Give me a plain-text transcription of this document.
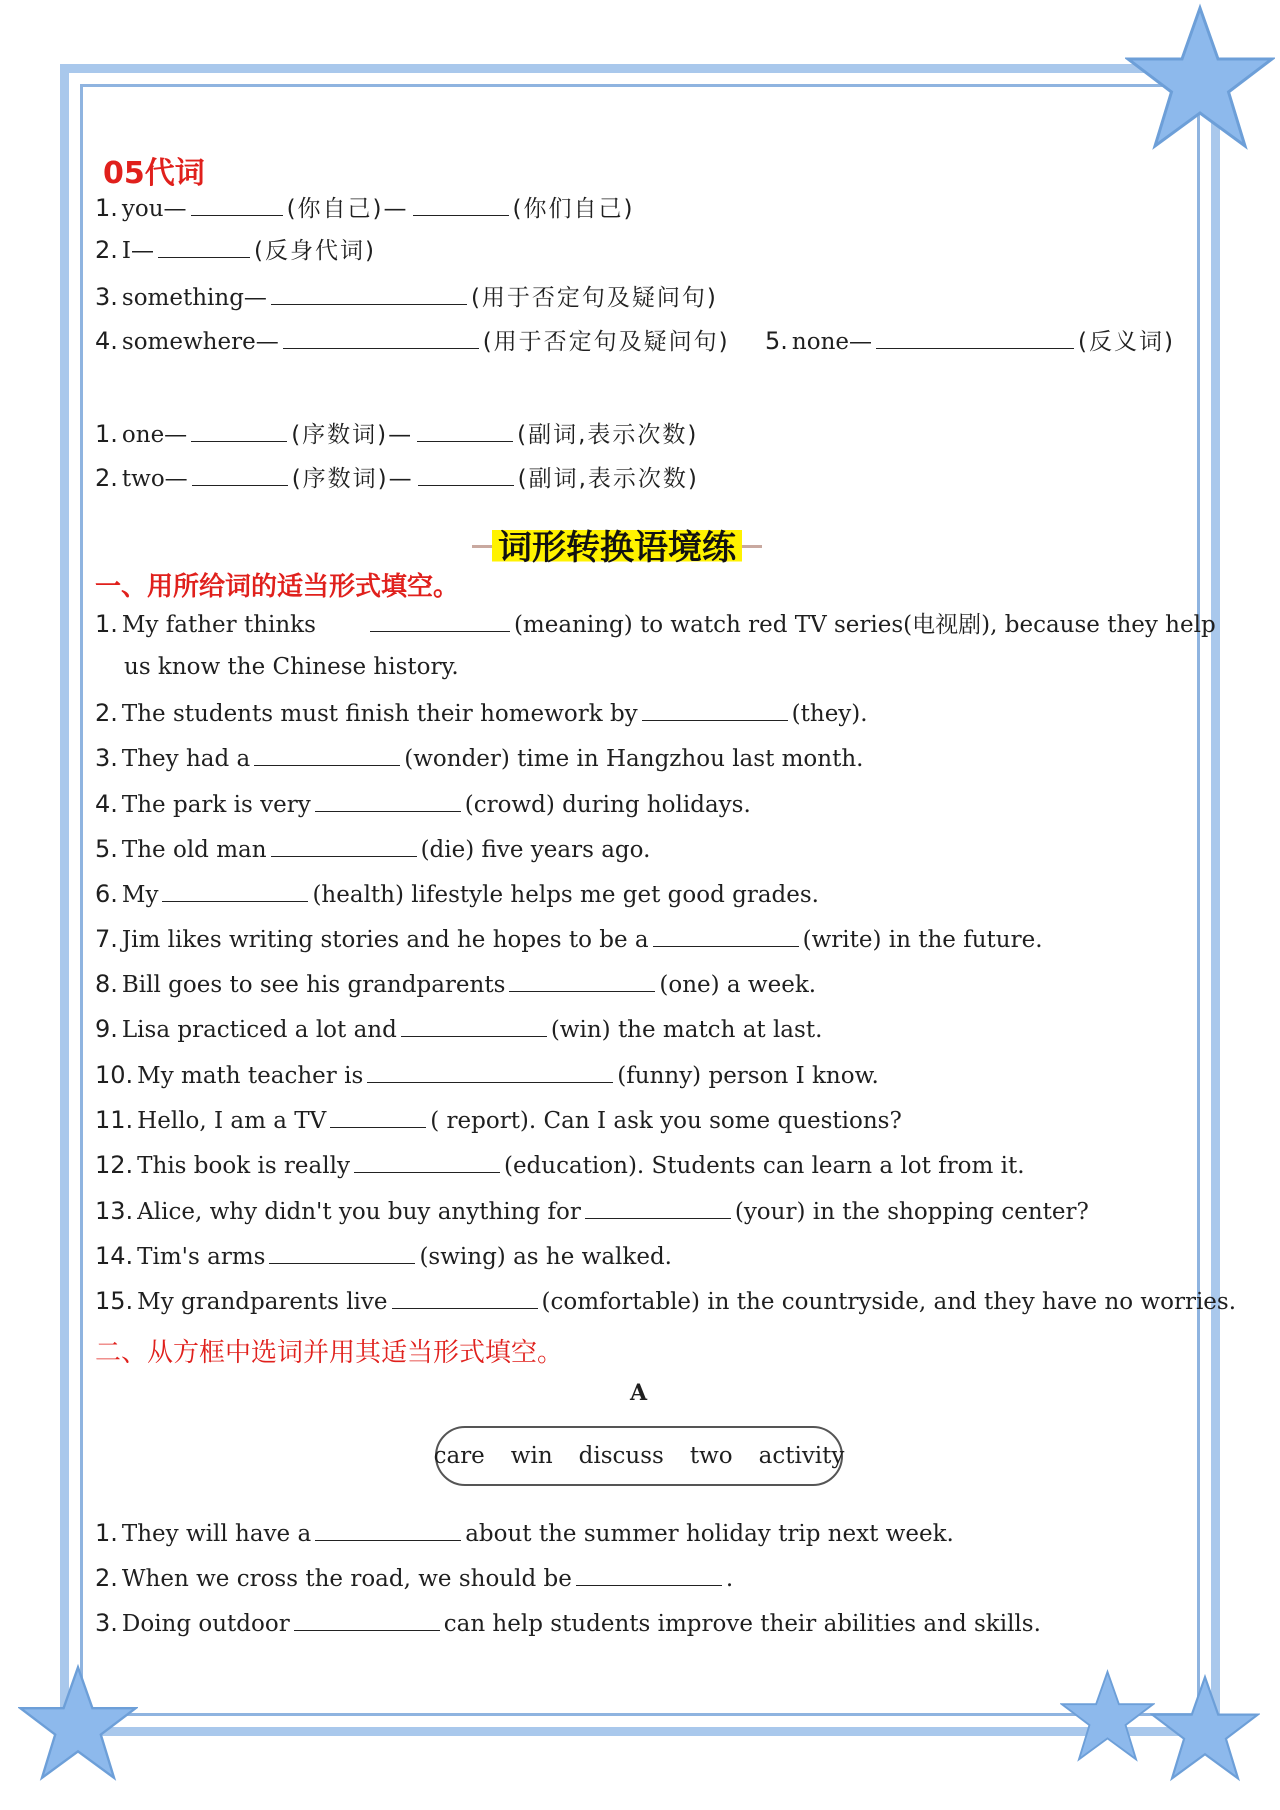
05代词
1. you—	(你自己)—	(你们自己)
2. I—	(反身代词)
3. something—	(用于否定句及疑问句)
4. somewhere—	(用于否定句及疑问句) 5. none—	(反义词)
1. one—	(序数词)—	(副词,表示次数)
2. two—	(序数词)—	(副词,表示次数)
词形转换语境练
一、用所给词的适当形式填空。
1. My father thinks	(meaning) to watch red TV series(电视剧), because they help
us know the Chinese history.
2. The students must finish their homework by	(they).
3. They had a	(wonder) time in Hangzhou last month.
4. The park is very	(crowd) during holidays.
5. The old man	(die) five years ago.
6. My	(health) lifestyle helps me get good grades.
7. Jim likes writing stories and he hopes to be a	(write) in the future.
8. Bill goes to see his grandparents	(one) a week.
9. Lisa practiced a lot and	(win) the match at last.
10. My math teacher is	(funny) person I know.
11. Hello, I am a TV	( report). Can I ask you some questions?
12. This book is really	(education). Students can learn a lot from it.
13. Alice, why didn't you buy anything for	(your) in the shopping center?
14. Tim's arms	(swing) as he walked.
15. My grandparents live	(comfortable) in the countryside, and they have no worries.
二、从方框中选词并用其适当形式填空。
A
care win discuss two activity
1. They will have a	about the summer holiday trip next week.
2. When we cross the road, we should be	.
3. Doing outdoor	can help students improve their abilities and skills.
